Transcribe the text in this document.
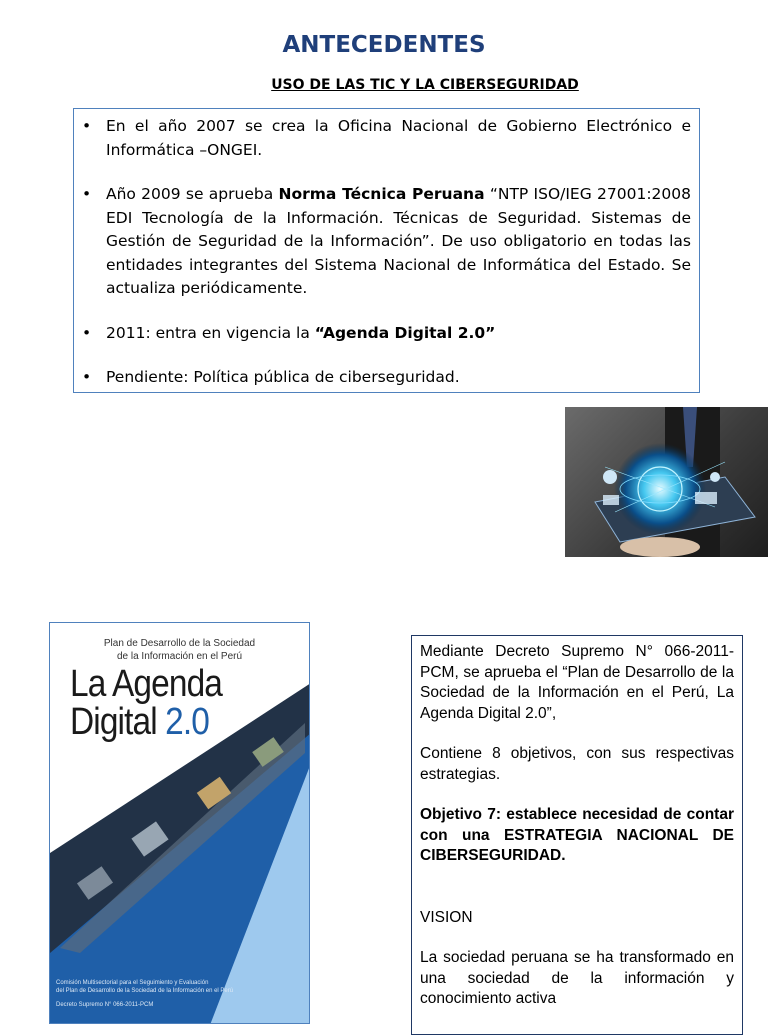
ANTECEDENTES
USO DE LAS TIC Y LA CIBERSEGURIDAD
• En el año 2007 se crea la Oficina Nacional de Gobierno Electrónico e Informática –ONGEI.
• Año 2009 se aprueba Norma Técnica Peruana “NTP ISO/IEG 27001:2008 EDI Tecnología de la Información. Técnicas de Seguridad. Sistemas de Gestión de Seguridad de la Información”. De uso obligatorio en todas las entidades integrantes del Sistema Nacional de Informática del Estado. Se actualiza periódicamente.
• 2011: entra en vigencia la “Agenda Digital 2.0”
• Pendiente: Política pública de ciberseguridad.
Plan de Desarrollo de la Sociedad
de la Información en el Perú
La Agenda
Digital 2.0
Comisión Multisectorial para el Seguimiento y Evaluación
del Plan de Desarrollo de la Sociedad de la Información en el Perú
Decreto Supremo N° 066-2011-PCM

Mediante Decreto Supremo N° 066-2011-PCM, se aprueba el “Plan de Desarrollo de la Sociedad de la Información en el Perú, La Agenda Digital 2.0”,

Contiene 8 objetivos, con sus respectivas estrategias.

Objetivo 7: establece necesidad de contar con una ESTRATEGIA NACIONAL DE CIBERSEGURIDAD.

VISION

La sociedad peruana se ha transformado en una sociedad de la información y conocimiento activa
